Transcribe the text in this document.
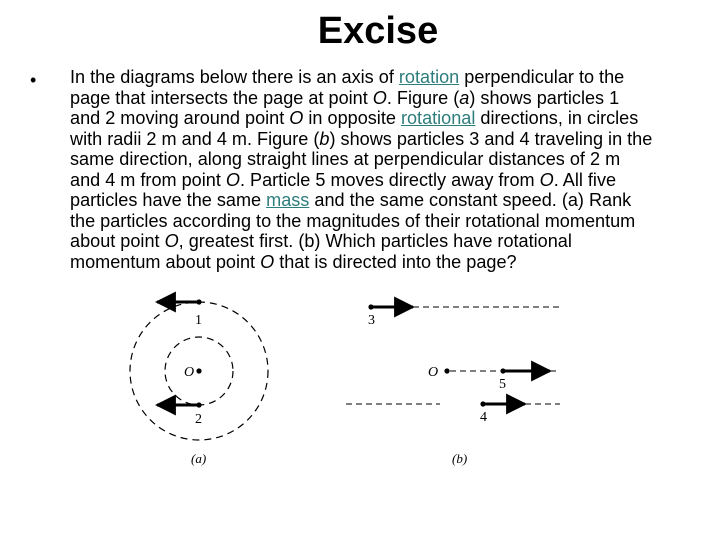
Excise
• In the diagrams below there is an axis of rotation perpendicular to the
page that intersects the page at point O. Figure (a) shows particles 1
and 2 moving around point O in opposite rotational directions, in circles
with radii 2 m and 4 m. Figure (b) shows particles 3 and 4 traveling in the
same direction, along straight lines at perpendicular distances of 2 m
and 4 m from point O. Particle 5 moves directly away from O. All five
particles have the same mass and the same constant speed. (a) Rank
the particles according to the magnitudes of their rotational momentum
about point O, greatest first. (b) Which particles have rotational
momentum about point O that is directed into the page?
O
1
2
(a)
3
O
5
4
(b)
